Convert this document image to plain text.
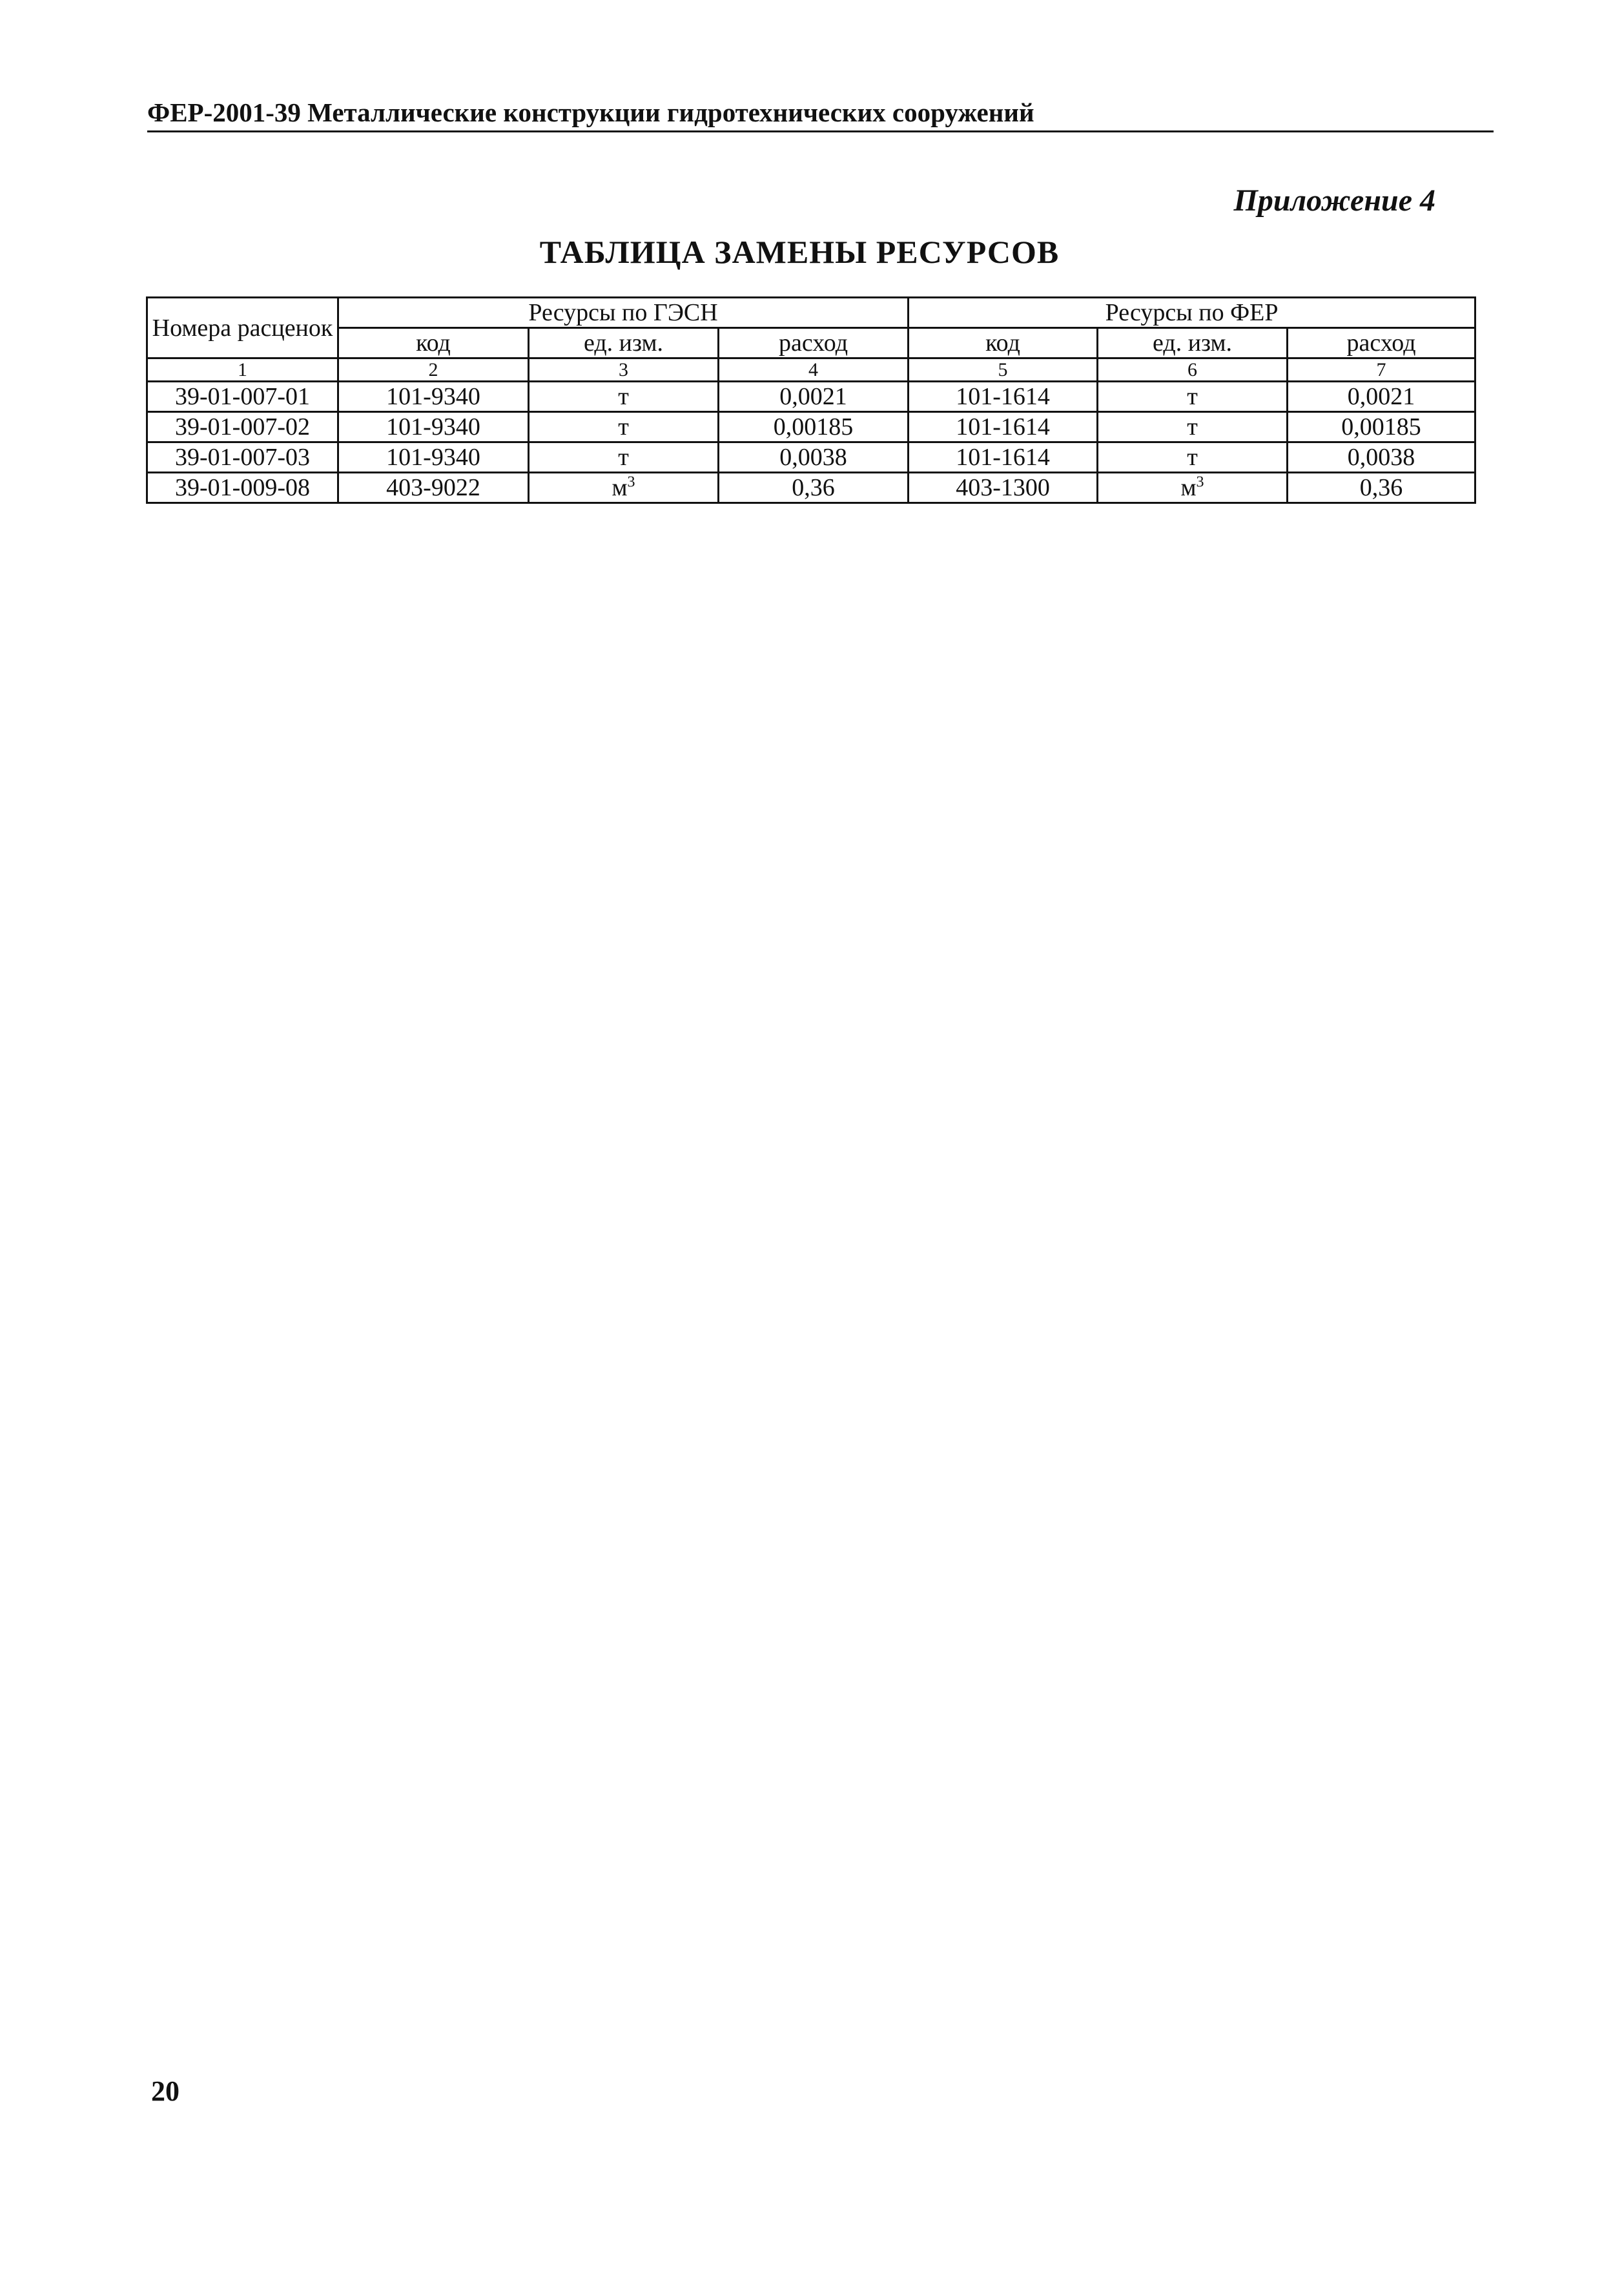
ФЕР-2001-39 Металлические конструкции гидротехнических сооружений
Приложение 4
ТАБЛИЦА ЗАМЕНЫ РЕСУРСОВ
Номера расценок	Ресурсы по ГЭСН			Ресурсы по ФЕР		
	код	ед. изм.	расход	код	ед. изм.	расход
1	2	3	4	5	6	7
39-01-007-01	101-9340	т	0,0021	101-1614	т	0,0021
39-01-007-02	101-9340	т	0,00185	101-1614	т	0,00185
39-01-007-03	101-9340	т	0,0038	101-1614	т	0,0038
39-01-009-08	403-9022	$м^3$	0,36	403-1300	$м^3$	0,36
20
